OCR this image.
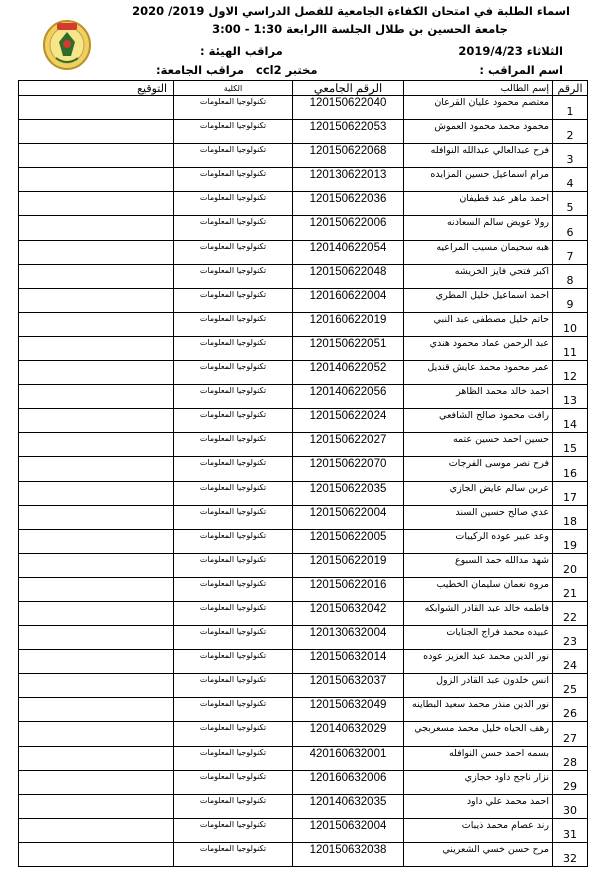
اسماء الطلبة في امتحان الكفاءة الجامعية للفصل الدراسي الاول 2019/ 2020
جامعة الحسين بن طلال الجلسة االرابعة 1:30 - 3:00
الثلاثاء 2019/4/23
مراقب الهيئة :
اسم المراقب :
مراقب الجامعة: مختبر ccl2
الرقم	إسم الطالب	الرقم الجامعي	الكلية	التوقيع
1	معتصم محمود عليان القرعان	120150622040	تكنولوجيا المعلومات	
2	محمود محمد محمود العموش	120150622053	تكنولوجيا المعلومات	
3	فرح عبدالعالي عبدالله النوافله	120150622068	تكنولوجيا المعلومات	
4	مرام اسماعيل حسين المزايده	120130622013	تكنولوجيا المعلومات	
5	احمد ماهر عبد قطيفان	120150622036	تكنولوجيا المعلومات	
6	رولا عويض سالم السعادنه	120150622006	تكنولوجيا المعلومات	
7	هبه سحيمان مسيب المراعيه	120140622054	تكنولوجيا المعلومات	
8	اكبر فتحي فايز الخريشه	120150622048	تكنولوجيا المعلومات	
9	احمد اسماعيل خليل المطري	120160622004	تكنولوجيا المعلومات	
10	حاتم خليل مصطفى عبد النبي	120160622019	تكنولوجيا المعلومات	
11	عبد الرحمن عماد محمود هندي	120150622051	تكنولوجيا المعلومات	
12	عمر محمود محمد عايش قنديل	120140622052	تكنولوجيا المعلومات	
13	احمد خالد محمد الظاهر	120140622056	تكنولوجيا المعلومات	
14	رافت محمود صالح الشافعي	120150622024	تكنولوجيا المعلومات	
15	حسين احمد حسين عتمه	120150622027	تكنولوجيا المعلومات	
16	فرح نصر موسى الفرجات	120150622070	تكنولوجيا المعلومات	
17	عربن سالم عايض الجازي	120150622035	تكنولوجيا المعلومات	
18	عدي صالح حسين السند	120150622004	تكنولوجيا المعلومات	
19	وعد عبير عوده الركيبات	120150622005	تكنولوجيا المعلومات	
20	شهد مدالله حمد السبوع	120150622019	تكنولوجيا المعلومات	
21	مروه نعمان سليمان الخطيب	120150622016	تكنولوجيا المعلومات	
22	فاطمه خالد عبد القادر الشوابكه	120150632042	تكنولوجيا المعلومات	
23	عبيده محمد فراج الجنايات	120130632004	تكنولوجيا المعلومات	
24	نور الدين محمد عبد العزيز عوده	120150632014	تكنولوجيا المعلومات	
25	انس خلدون عبد القادر الزول	120150632037	تكنولوجيا المعلومات	
26	نور الدين منذر محمد سعيد البطاينه	120150632049	تكنولوجيا المعلومات	
27	رهف الحياه خليل محمد مسعربجي	120140632029	تكنولوجيا المعلومات	
28	بسمه احمد حسن النوافله	420160632001	تكنولوجيا المعلومات	
29	نزار ناجح داود حجازي	120160632006	تكنولوجيا المعلومات	
30	احمد محمد علي داود	120140632035	تكنولوجيا المعلومات	
31	رند عصام محمد ذيبات	120150632004	تكنولوجيا المعلومات	
32	مرح حسن خسي الشعريني	120150632038	تكنولوجيا المعلومات	
